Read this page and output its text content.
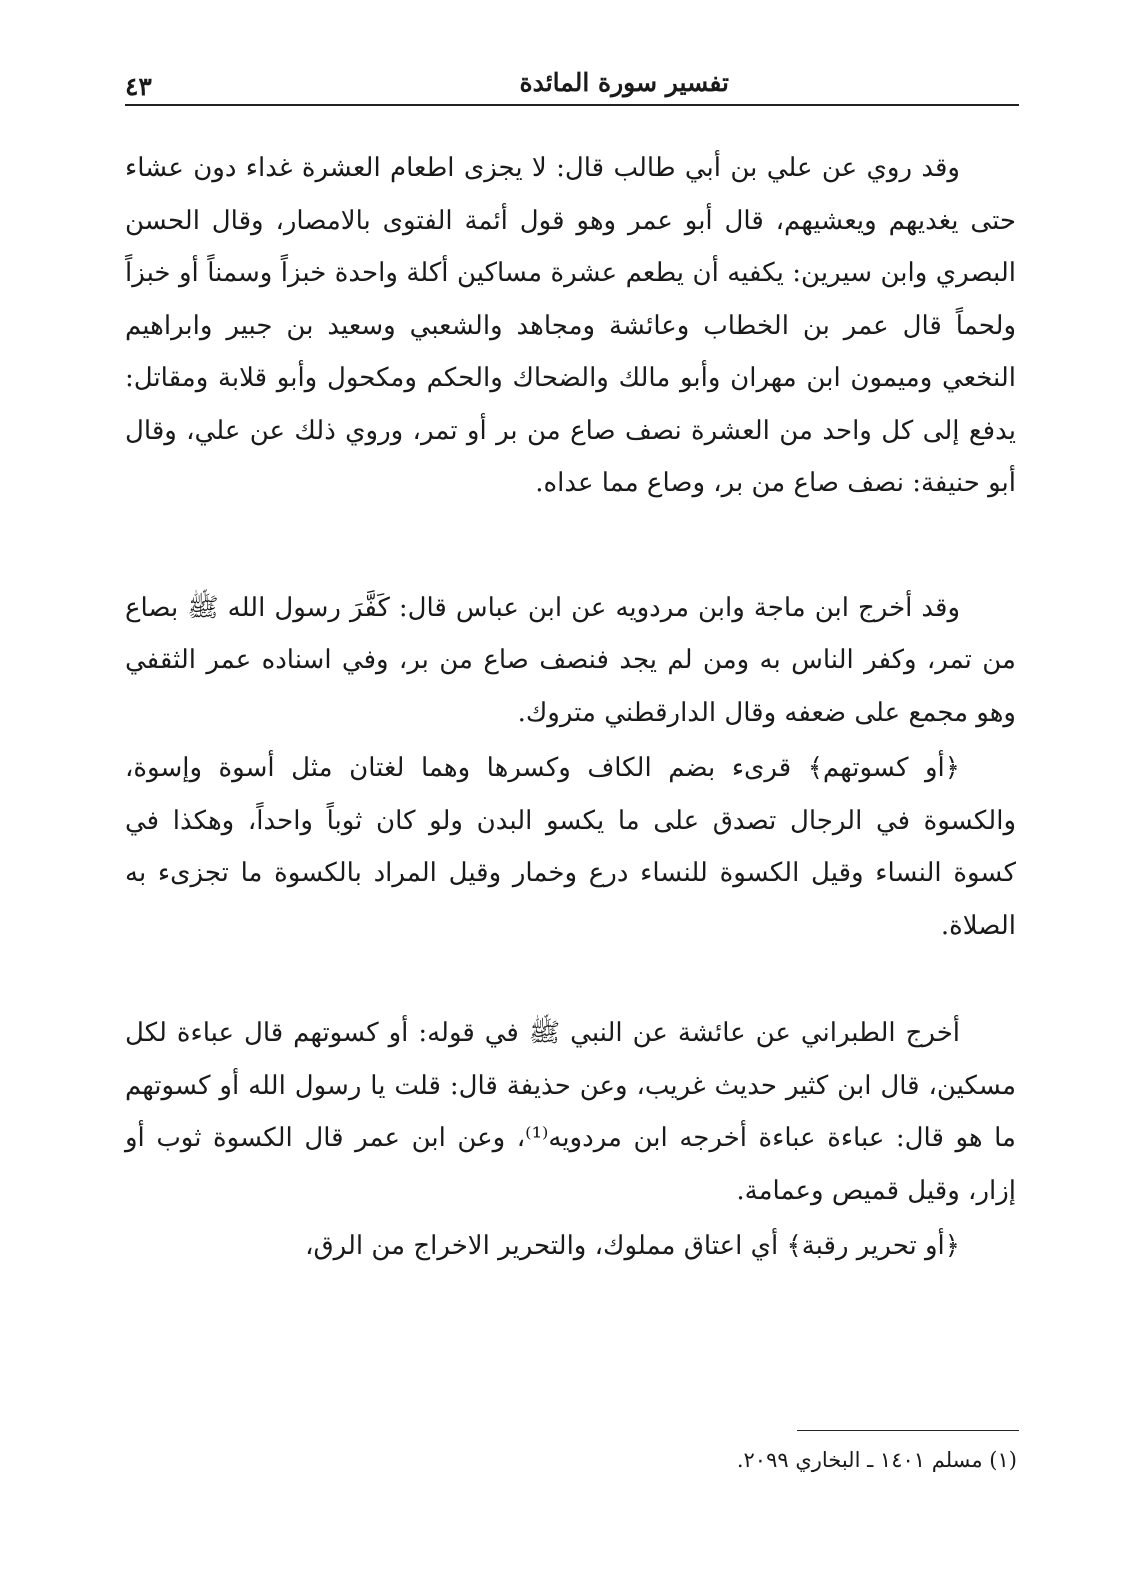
تفسير سورة المائدة
٤٣

وقد روي عن علي بن أبي طالب قال: لا يجزى اطعام العشرة غداء دون عشاء حتى يغديهم ويعشيهم، قال أبو عمر وهو قول أئمة الفتوى بالامصار، وقال الحسن البصري وابن سيرين: يكفيه أن يطعم عشرة مساكين أكلة واحدة خبزاً وسمناً أو خبزاً ولحماً قال عمر بن الخطاب وعائشة ومجاهد والشعبي وسعيد بن جبير وابراهيم النخعي وميمون ابن مهران وأبو مالك والضحاك والحكم ومكحول وأبو قلابة ومقاتل: يدفع إلى كل واحد من العشرة نصف صاع من بر أو تمر، وروي ذلك عن علي، وقال أبو حنيفة: نصف صاع من بر، وصاع مما عداه.

وقد أخرج ابن ماجة وابن مردويه عن ابن عباس قال: كَفَّرَ رسول الله ﷺ بصاع من تمر، وكفر الناس به ومن لم يجد فنصف صاع من بر، وفي اسناده عمر الثقفي وهو مجمع على ضعفه وقال الدارقطني متروك.

﴿أو كسوتهم﴾ قرىء بضم الكاف وكسرها وهما لغتان مثل أسوة وإسوة، والكسوة في الرجال تصدق على ما يكسو البدن ولو كان ثوباً واحداً، وهكذا في كسوة النساء وقيل الكسوة للنساء درع وخمار وقيل المراد بالكسوة ما تجزىء به الصلاة.

أخرج الطبراني عن عائشة عن النبي ﷺ في قوله: أو كسوتهم قال عباءة لكل مسكين، قال ابن كثير حديث غريب، وعن حذيفة قال: قلت يا رسول الله أو كسوتهم ما هو قال: عباءة عباءة أخرجه ابن مردويه⁽¹⁾، وعن ابن عمر قال الكسوة ثوب أو إزار، وقيل قميص وعمامة.

﴿أو تحرير رقبة﴾ أي اعتاق مملوك، والتحرير الاخراج من الرق،

(١) مسلم ١٤٠١ ـ البخاري ٢٠٩٩.
